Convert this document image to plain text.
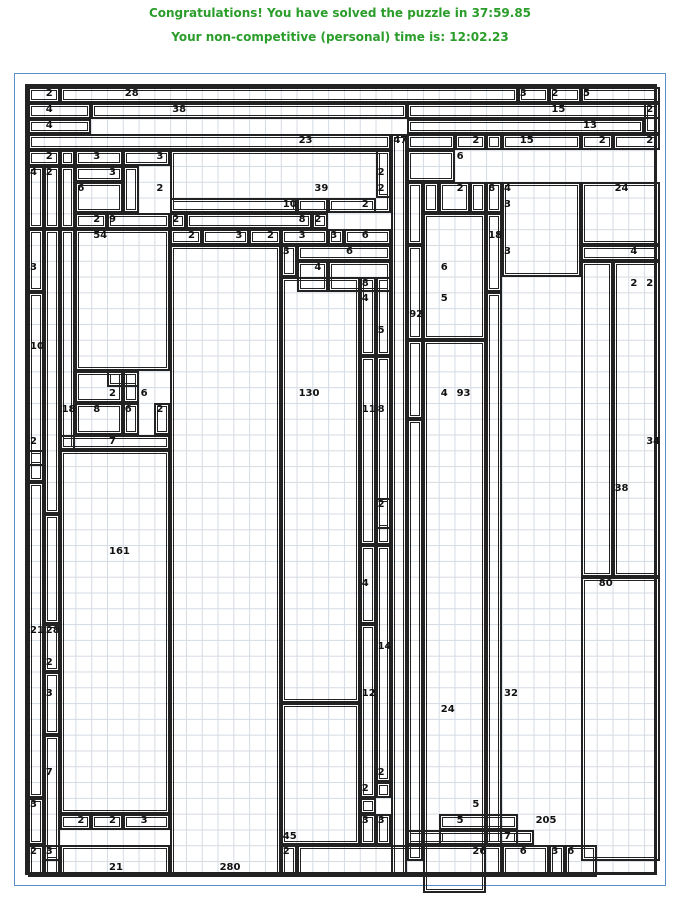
Congratulations! You have solved the puzzle in 37:59.85
Your non-competitive (personal) time is: 12:02.23
2	28	3 2 5
4	38	15	2
4	13
23	47	2	15	2	2
2	3	3	6
4 2	3	2
6	2	39	2	2 8 4	24
10	2	3
2 9	2	8 2
54	2	3 2 3 3 6	18
3	6	3	4
3	4	6
8	2 2
4	5
92
5
10
2 6	130	4 93
18 8 6 2	11 8
2	7	34
38
2
161
4	80
21 28
14
2
3	12	32
24
7	2
2
3	5
2 2 3	3 3	5	205
45	7
2 3	2	26	6 3 6
21	280
